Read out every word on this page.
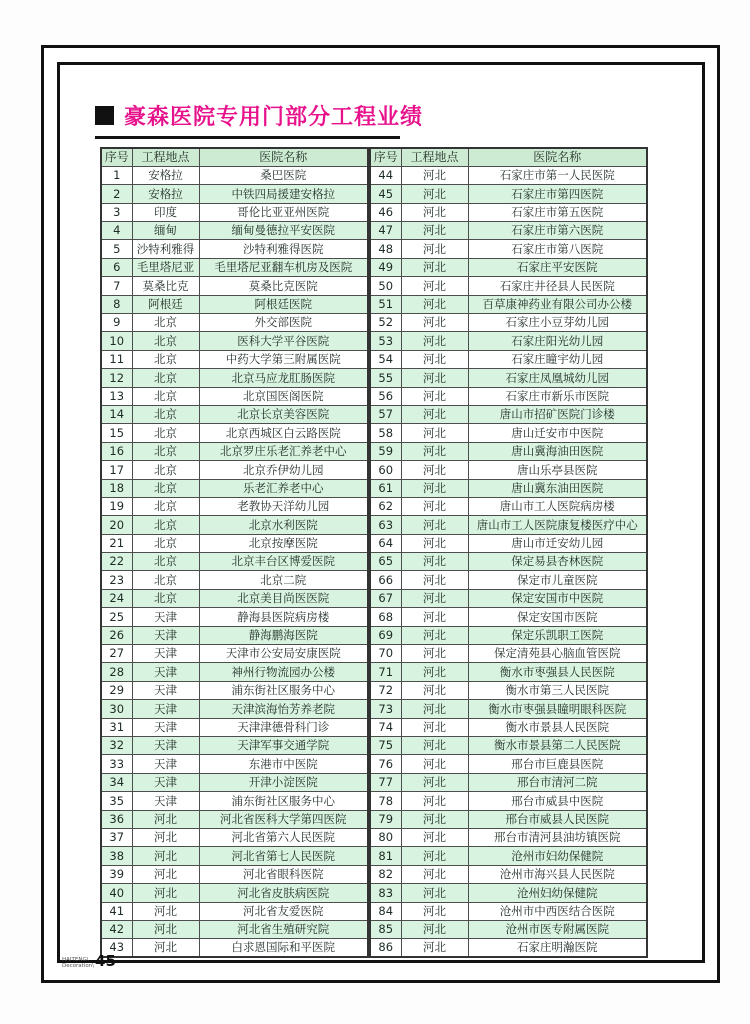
豪森医院专用门部分工程业绩
序号	工程地点	医院名称
1	安格拉	桑巴医院
2	安格拉	中铁四局援建安格拉
3	印度	哥伦比亚亚州医院
4	缅甸	缅甸曼德拉平安医院
5	沙特利雅得	沙特利雅得医院
6	毛里塔尼亚	毛里塔尼亚翻车机房及医院
7	莫桑比克	莫桑比克医院
8	阿根廷	阿根廷医院
9	北京	外交部医院
10	北京	医科大学平谷医院
11	北京	中药大学第三附属医院
12	北京	北京马应龙肛肠医院
13	北京	北京国医阁医院
14	北京	北京长京美容医院
15	北京	北京西城区白云路医院
16	北京	北京罗庄乐老汇养老中心
17	北京	北京乔伊幼儿园
18	北京	乐老汇养老中心
19	北京	老教协天洋幼儿园
20	北京	北京水利医院
21	北京	北京按摩医院
22	北京	北京丰台区博爱医院
23	北京	北京二院
24	北京	北京美目尚医医院
25	天津	静海县医院病房楼
26	天津	静海鹏海医院
27	天津	天津市公安局安康医院
28	天津	神州行物流园办公楼
29	天津	浦东街社区服务中心
30	天津	天津滨海怡芳养老院
31	天津	天津津德骨科门诊
32	天津	天津军事交通学院
33	天津	东港市中医院
34	天津	开津小淀医院
35	天津	浦东街社区服务中心
36	河北	河北省医科大学第四医院
37	河北	河北省第六人民医院
38	河北	河北省第七人民医院
39	河北	河北省眼科医院
40	河北	河北省皮肤病医院
41	河北	河北省友爱医院
42	河北	河北省生殖研究院
43	河北	白求恩国际和平医院
序号	工程地点	医院名称
44	河北	石家庄市第一人民医院
45	河北	石家庄市第四医院
46	河北	石家庄市第五医院
47	河北	石家庄市第六医院
48	河北	石家庄市第八医院
49	河北	石家庄平安医院
50	河北	石家庄井径县人民医院
51	河北	百草康神药业有限公司办公楼
52	河北	石家庄小豆芽幼儿园
53	河北	石家庄阳光幼儿园
54	河北	石家庄瞳宇幼儿园
55	河北	石家庄凤凰城幼儿园
56	河北	石家庄市新乐市医院
57	河北	唐山市招矿医院门诊楼
58	河北	唐山迁安市中医院
59	河北	唐山冀海油田医院
60	河北	唐山乐亭县医院
61	河北	唐山冀东油田医院
62	河北	唐山市工人医院病房楼
63	河北	唐山市工人医院康复楼医疗中心
64	河北	唐山市迁安幼儿园
65	河北	保定易县杏林医院
66	河北	保定市儿童医院
67	河北	保定安国市中医院
68	河北	保定安国市医院
69	河北	保定乐凯职工医院
70	河北	保定清苑县心脑血管医院
71	河北	衡水市枣强县人民医院
72	河北	衡水市第三人民医院
73	河北	衡水市枣强县瞳明眼科医院
74	河北	衡水市景县人民医院
75	河北	衡水市景县第二人民医院
76	河北	邢台市巨鹿县医院
77	河北	邢台市清河二院
78	河北	邢台市威县中医院
79	河北	邢台市威县人民医院
80	河北	邢台市清河县油坊镇医院
81	河北	沧州市妇幼保健院
82	河北	沧州市海兴县人民医院
83	河北	沧州妇幼保健院
84	河北	沧州市中西医结合医院
85	河北	沧州市医专附属医院
86	河北	石家庄明瀚医院
HAITENG\
Decoration\ 45
